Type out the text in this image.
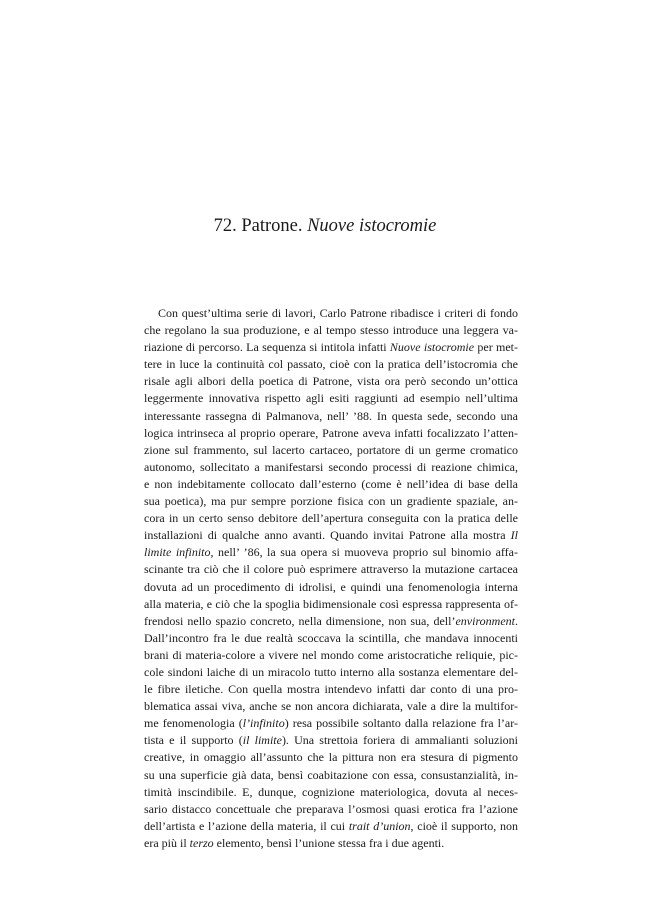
72. Patrone. Nuove istocromie
Con quest’ultima serie di lavori, Carlo Patrone ribadisce i criteri di fondo
che regolano la sua produzione, e al tempo stesso introduce una leggera va-
riazione di percorso. La sequenza si intitola infatti Nuove istocromie per met-
tere in luce la continuità col passato, cioè con la pratica dell’istocromia che
risale agli albori della poetica di Patrone, vista ora però secondo un’ottica
leggermente innovativa rispetto agli esiti raggiunti ad esempio nell’ultima
interessante rassegna di Palmanova, nell’ ’88. In questa sede, secondo una
logica intrinseca al proprio operare, Patrone aveva infatti focalizzato l’atten-
zione sul frammento, sul lacerto cartaceo, portatore di un germe cromatico
autonomo, sollecitato a manifestarsi secondo processi di reazione chimica,
e non indebitamente collocato dall’esterno (come è nell’idea di base della
sua poetica), ma pur sempre porzione fisica con un gradiente spaziale, an-
cora in un certo senso debitore dell’apertura conseguita con la pratica delle
installazioni di qualche anno avanti. Quando invitai Patrone alla mostra Il
limite infinito, nell’ ’86, la sua opera si muoveva proprio sul binomio affa-
scinante tra ciò che il colore può esprimere attraverso la mutazione cartacea
dovuta ad un procedimento di idrolisi, e quindi una fenomenologia interna
alla materia, e ciò che la spoglia bidimensionale così espressa rappresenta of-
frendosi nello spazio concreto, nella dimensione, non sua, dell’environment.
Dall’incontro fra le due realtà scoccava la scintilla, che mandava innocenti
brani di materia-colore a vivere nel mondo come aristocratiche reliquie, pic-
cole sindoni laiche di un miracolo tutto interno alla sostanza elementare del-
le fibre iletiche. Con quella mostra intendevo infatti dar conto di una pro-
blematica assai viva, anche se non ancora dichiarata, vale a dire la multifor-
me fenomenologia (l’infinito) resa possibile soltanto dalla relazione fra l’ar-
tista e il supporto (il limite). Una strettoia foriera di ammalianti soluzioni
creative, in omaggio all’assunto che la pittura non era stesura di pigmento
su una superficie già data, bensì coabitazione con essa, consustanzialità, in-
timità inscindibile. E, dunque, cognizione materiologica, dovuta al neces-
sario distacco concettuale che preparava l’osmosi quasi erotica fra l’azione
dell’artista e l’azione della materia, il cui trait d’union, cioè il supporto, non
era più il terzo elemento, bensì l’unione stessa fra i due agenti.
